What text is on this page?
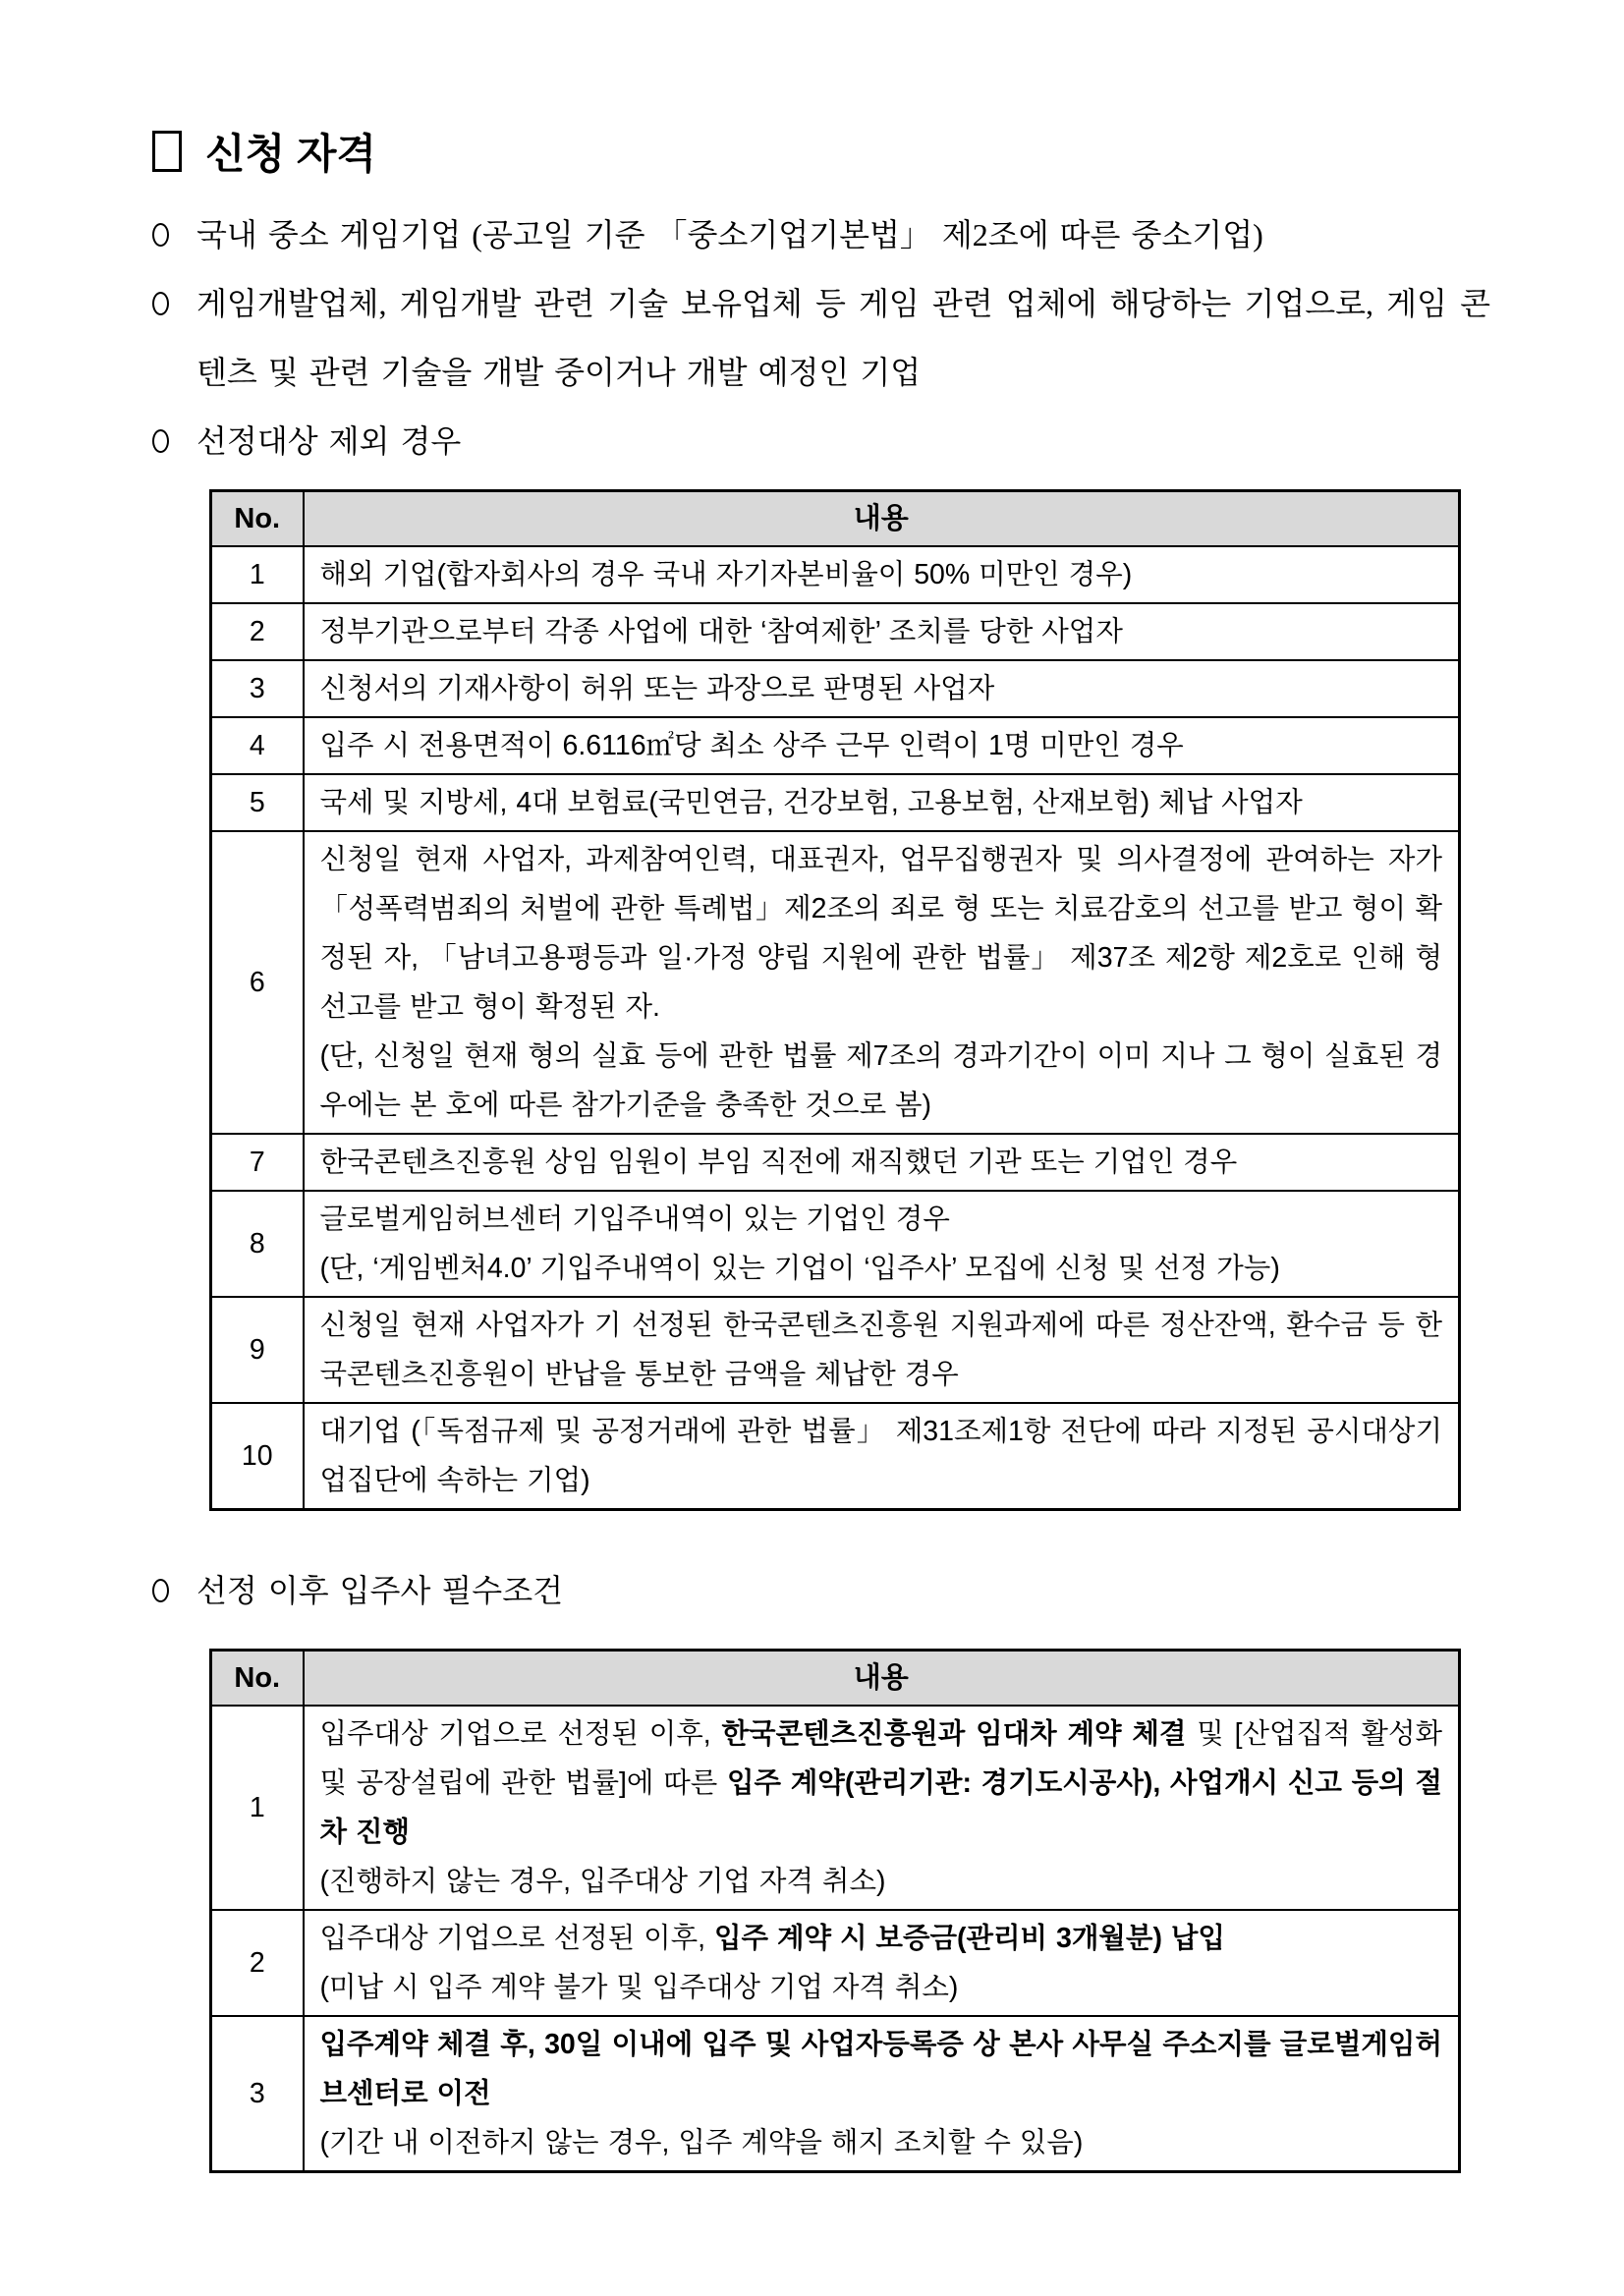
신청 자격
국내 중소 게임기업 (공고일 기준 「중소기업기본법」 제2조에 따른 중소기업)
게임개발업체, 게임개발 관련 기술 보유업체 등 게임 관련 업체에 해당하는 기업으로, 게임 콘텐츠 및 관련 기술을 개발 중이거나 개발 예정인 기업
선정대상 제외 경우
No.	내용
1	해외 기업(합자회사의 경우 국내 자기자본비율이 50% 미만인 경우)
2	정부기관으로부터 각종 사업에 대한 ‘참여제한’ 조치를 당한 사업자
3	신청서의 기재사항이 허위 또는 과장으로 판명된 사업자
4	입주 시 전용면적이 6.6116㎡당 최소 상주 근무 인력이 1명 미만인 경우
5	국세 및 지방세, 4대 보험료(국민연금, 건강보험, 고용보험, 산재보험) 체납 사업자
6	신청일 현재 사업자, 과제참여인력, 대표권자, 업무집행권자 및 의사결정에 관여하는 자가 「성폭력범죄의 처벌에 관한 특례법」제2조의 죄로 형 또는 치료감호의 선고를 받고 형이 확정된 자, 「남녀고용평등과 일·가정 양립 지원에 관한 법률」 제37조 제2항 제2호로 인해 형 선고를 받고 형이 확정된 자.
(단, 신청일 현재 형의 실효 등에 관한 법률 제7조의 경과기간이 이미 지나 그 형이 실효된 경우에는 본 호에 따른 참가기준을 충족한 것으로 봄)
7	한국콘텐츠진흥원 상임 임원이 부임 직전에 재직했던 기관 또는 기업인 경우
8	글로벌게임허브센터 기입주내역이 있는 기업인 경우
(단, ‘게임벤처4.0’ 기입주내역이 있는 기업이 ‘입주사’ 모집에 신청 및 선정 가능)
9	신청일 현재 사업자가 기 선정된 한국콘텐츠진흥원 지원과제에 따른 정산잔액, 환수금 등 한국콘텐츠진흥원이 반납을 통보한 금액을 체납한 경우
10	대기업 (「독점규제 및 공정거래에 관한 법률」 제31조제1항 전단에 따라 지정된 공시대상기업집단에 속하는 기업)
선정 이후 입주사 필수조건
No.	내용
1	입주대상 기업으로 선정된 이후, 한국콘텐츠진흥원과 임대차 계약 체결 및 [산업집적 활성화 및 공장설립에 관한 법률]에 따른 입주 계약(관리기관: 경기도시공사), 사업개시 신고 등의 절차 진행
(진행하지 않는 경우, 입주대상 기업 자격 취소)
2	입주대상 기업으로 선정된 이후, 입주 계약 시 보증금(관리비 3개월분) 납입
(미납 시 입주 계약 불가 및 입주대상 기업 자격 취소)
3	입주계약 체결 후, 30일 이내에 입주 및 사업자등록증 상 본사 사무실 주소지를 글로벌게임허브센터로 이전
(기간 내 이전하지 않는 경우, 입주 계약을 해지 조치할 수 있음)
